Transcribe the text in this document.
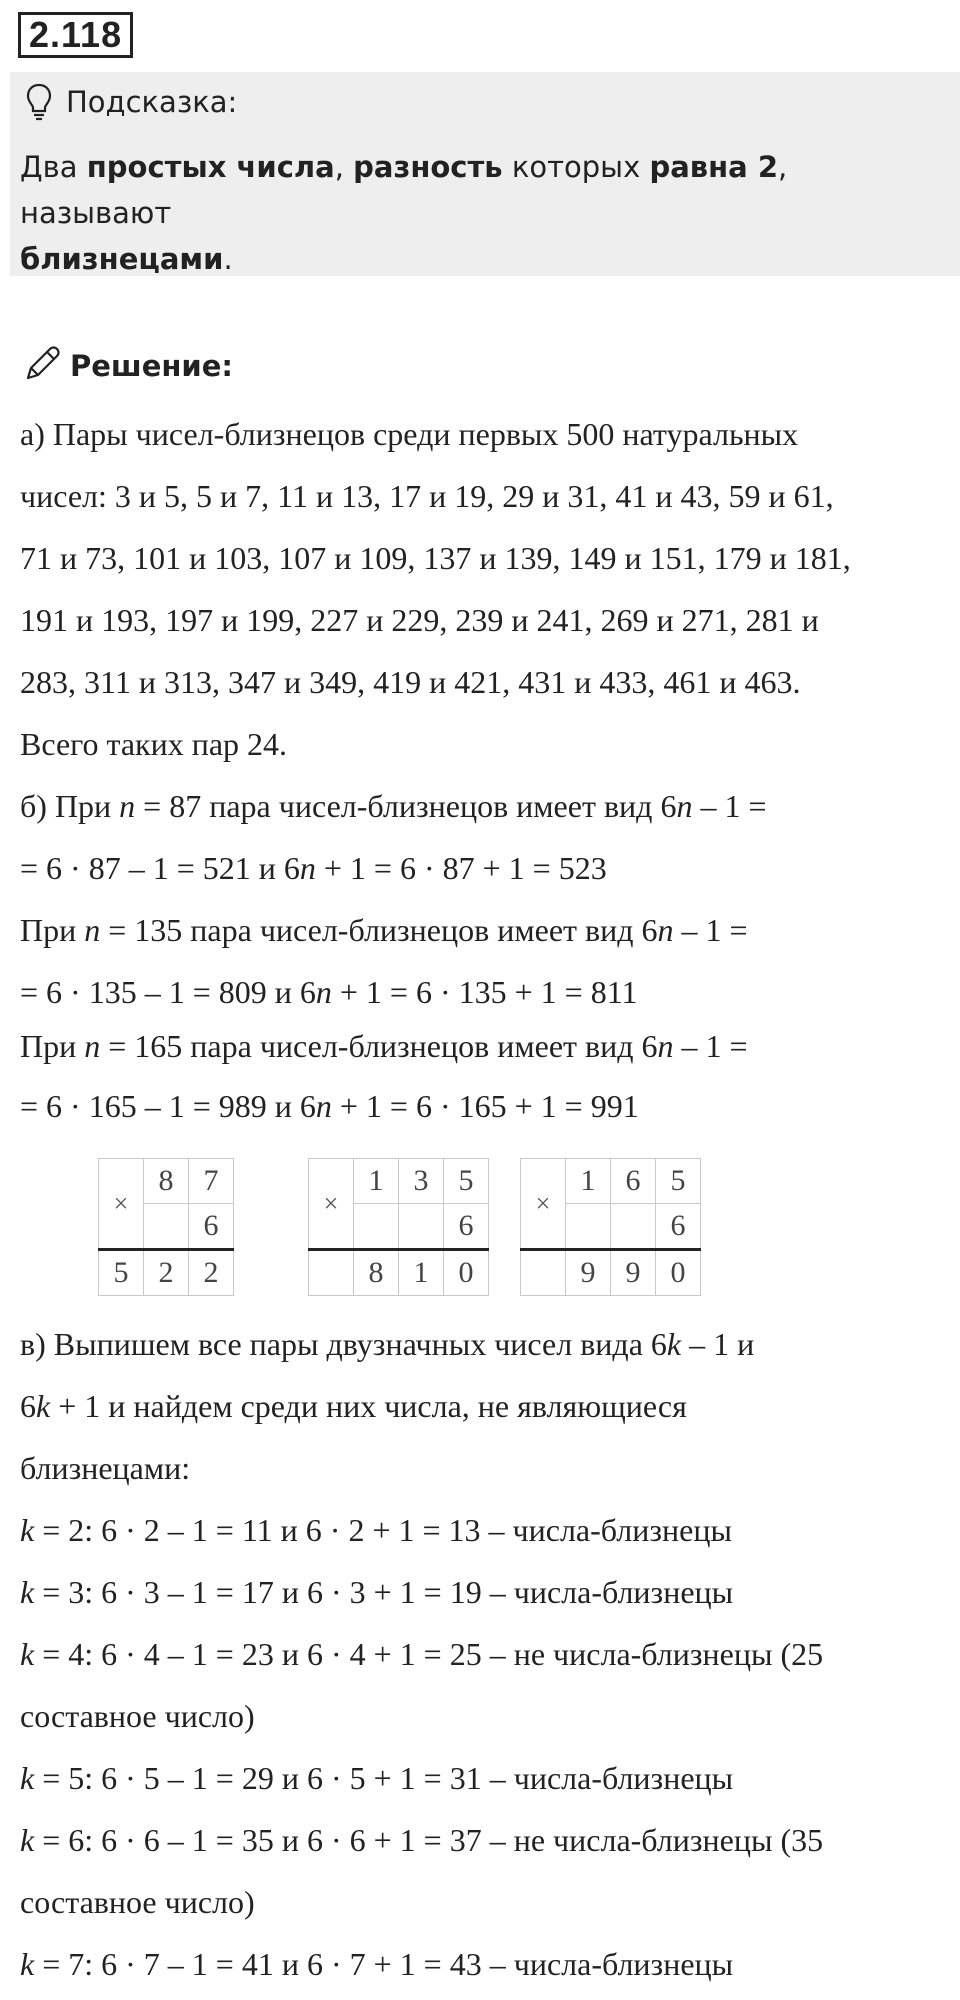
2.118
Подсказка:
Два простых числа, разность которых равна 2, называют
близнецами.
Решение:
а) Пары чисел-близнецов среди первых 500 натуральных
чисел: 3 и 5, 5 и 7, 11 и 13, 17 и 19, 29 и 31, 41 и 43, 59 и 61,
71 и 73, 101 и 103, 107 и 109, 137 и 139, 149 и 151, 179 и 181,
191 и 193, 197 и 199, 227 и 229, 239 и 241, 269 и 271, 281 и
283, 311 и 313, 347 и 349, 419 и 421, 431 и 433, 461 и 463.
Всего таких пар 24.
б) При n = 87 пара чисел-близнецов имеет вид 6n – 1 =
= 6 · 87 – 1 = 521 и 6n + 1 = 6 · 87 + 1 = 523
При n = 135 пара чисел-близнецов имеет вид 6n – 1 =
= 6 · 135 – 1 = 809 и 6n + 1 = 6 · 135 + 1 = 811
При n = 165 пара чисел-близнецов имеет вид 6n – 1 =
= 6 · 165 – 1 = 989 и 6n + 1 = 6 · 165 + 1 = 991
×	8	7
		6
5	2	2
×	1	3	5
			6
	8	1	0
×	1	6	5
			6
	9	9	0
в) Выпишем все пары двузначных чисел вида 6k – 1 и
6k + 1 и найдем среди них числа, не являющиеся
близнецами:
k = 2: 6 · 2 – 1 = 11 и 6 · 2 + 1 = 13 – числа-близнецы
k = 3: 6 · 3 – 1 = 17 и 6 · 3 + 1 = 19 – числа-близнецы
k = 4: 6 · 4 – 1 = 23 и 6 · 4 + 1 = 25 – не числа-близнецы (25
составное число)
k = 5: 6 · 5 – 1 = 29 и 6 · 5 + 1 = 31 – числа-близнецы
k = 6: 6 · 6 – 1 = 35 и 6 · 6 + 1 = 37 – не числа-близнецы (35
составное число)
k = 7: 6 · 7 – 1 = 41 и 6 · 7 + 1 = 43 – числа-близнецы
